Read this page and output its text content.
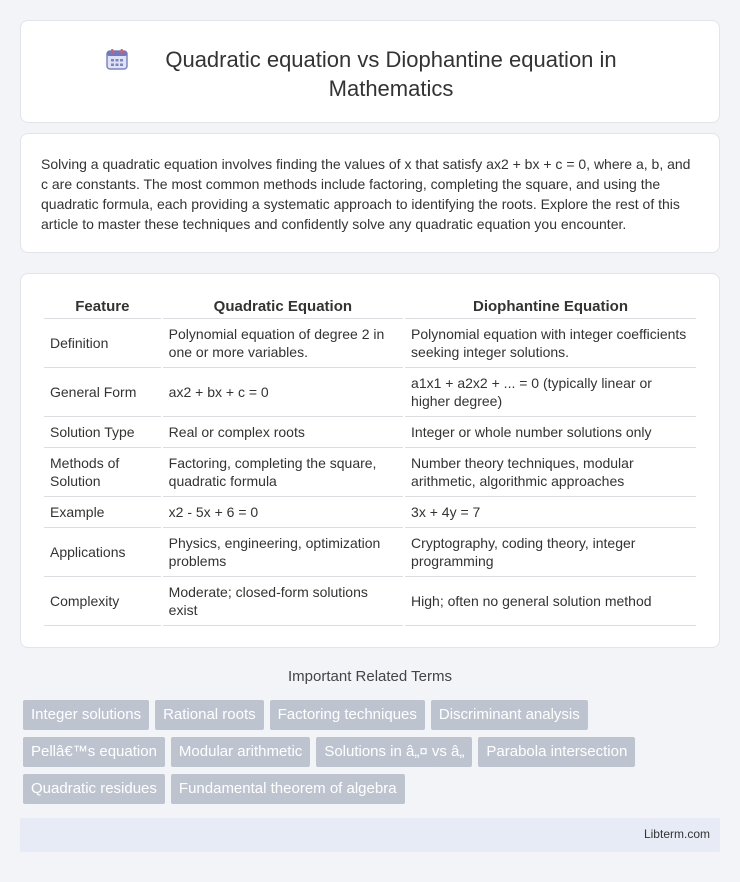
Quadratic equation vs Diophantine equation in Mathematics

Solving a quadratic equation involves finding the values of x that satisfy ax2 + bx + c = 0, where a, b, and c are constants. The most common methods include factoring, completing the square, and using the quadratic formula, each providing a systematic approach to identifying the roots. Explore the rest of this article to master these techniques and confidently solve any quadratic equation you encounter.

Feature	Quadratic Equation	Diophantine Equation
Definition	Polynomial equation of degree 2 in one or more variables.	Polynomial equation with integer coefficients seeking integer solutions.
General Form	ax2 + bx + c = 0	a1x1 + a2x2 + ... = 0 (typically linear or higher degree)
Solution Type	Real or complex roots	Integer or whole number solutions only
Methods of Solution	Factoring, completing the square, quadratic formula	Number theory techniques, modular arithmetic, algorithmic approaches
Example	x2 - 5x + 6 = 0	3x + 4y = 7
Applications	Physics, engineering, optimization problems	Cryptography, coding theory, integer programming
Complexity	Moderate; closed-form solutions exist	High; often no general solution method
Important Related Terms
Integer solutions	Rational roots	Factoring techniques	Discriminant analysis
Pellâ€™s equation	Modular arithmetic	Solutions in â„¤ vs â„	Parabola intersection
Quadratic residues	Fundamental theorem of algebra
Libterm.com
